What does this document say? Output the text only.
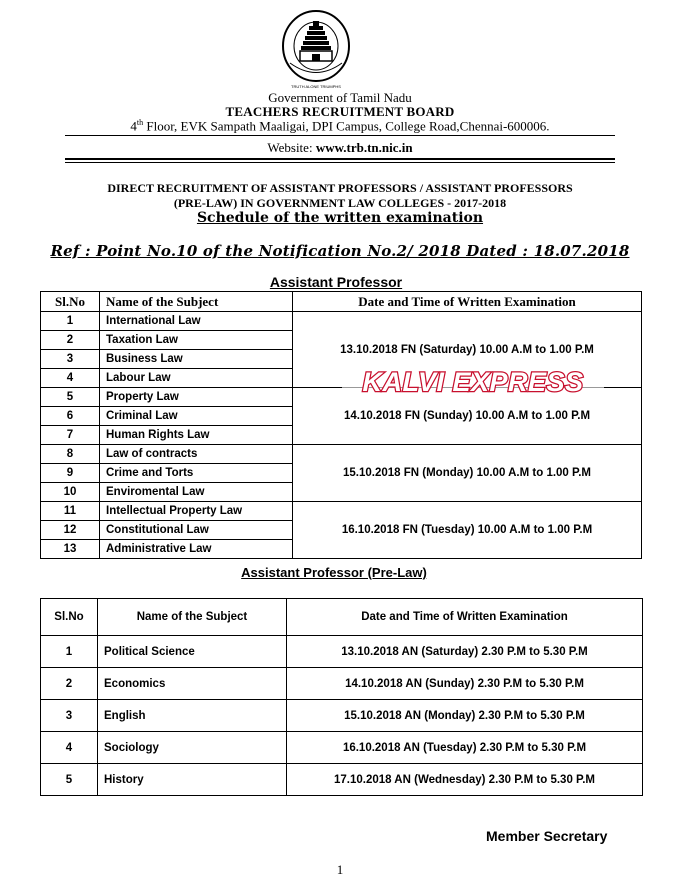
TRUTH ALONE TRIUMPHS
Government of Tamil Nadu
TEACHERS RECRUITMENT BOARD
4th Floor, EVK Sampath Maaligai, DPI Campus, College Road,Chennai-600006.
Website: www.trb.tn.nic.in
DIRECT RECRUITMENT OF ASSISTANT PROFESSORS / ASSISTANT PROFESSORS
(PRE-LAW) IN GOVERNMENT LAW COLLEGES - 2017-2018
Schedule of the written examination
Ref : Point No.10 of the Notification No.2/ 2018 Dated : 18.07.2018
Assistant Professor
Sl.No	Name of the Subject	Date and Time of Written Examination
1	International Law	13.10.2018 FN (Saturday) 10.00 A.M to 1.00 P.M
2	Taxation Law	
3	Business Law	
4	Labour Law	
5	Property Law	14.10.2018 FN (Sunday) 10.00 A.M to 1.00 P.M
6	Criminal Law	
7	Human Rights Law	
8	Law of contracts	15.10.2018 FN (Monday) 10.00 A.M to 1.00 P.M
9	Crime and Torts	
10	Enviromental Law	
11	Intellectual Property Law	16.10.2018 FN (Tuesday) 10.00 A.M to 1.00 P.M
12	Constitutional Law	
13	Administrative Law	
KALVI EXPRESS
Assistant Professor (Pre-Law)
Sl.No	Name of the Subject	Date and Time of Written Examination
1	Political Science	13.10.2018 AN (Saturday) 2.30 P.M to 5.30 P.M
2	Economics	14.10.2018 AN (Sunday) 2.30 P.M to 5.30 P.M
3	English	15.10.2018 AN (Monday) 2.30 P.M to 5.30 P.M
4	Sociology	16.10.2018 AN (Tuesday) 2.30 P.M to 5.30 P.M
5	History	17.10.2018 AN (Wednesday) 2.30 P.M to 5.30 P.M
Member Secretary
1
